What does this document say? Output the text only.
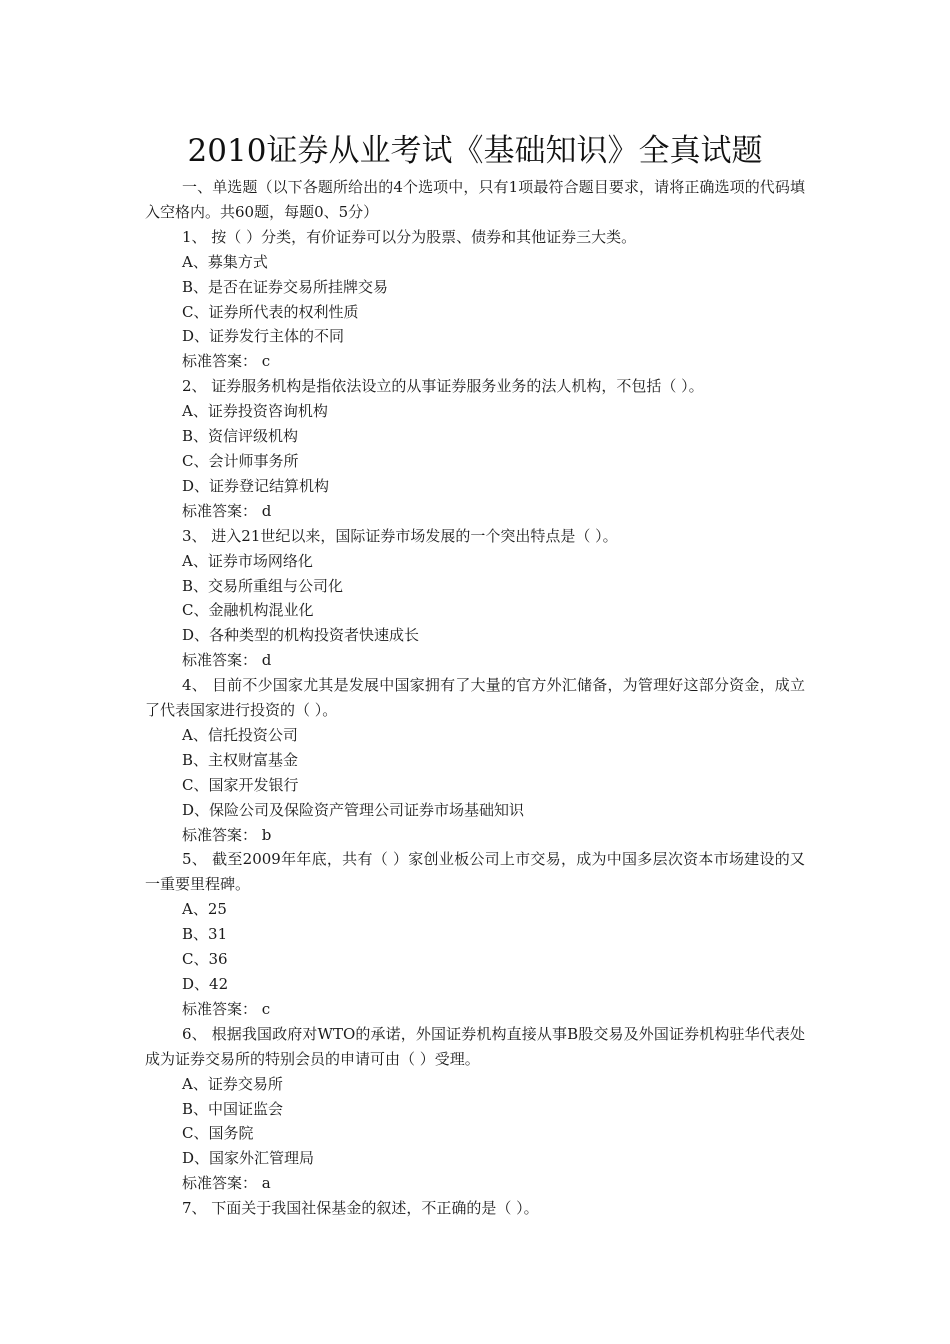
2010证券从业考试《基础知识》全真试题

一、单选题（以下各题所给出的4个选项中，只有1项最符合题目要求，请将正确选项的代码填入空格内。共60题，每题0、5分）

1、 按（ ）分类，有价证券可以分为股票、债券和其他证券三大类。

A、募集方式

B、是否在证券交易所挂牌交易

C、证券所代表的权利性质

D、证券发行主体的不同

标准答案： c

2、 证券服务机构是指依法设立的从事证券服务业务的法人机构，不包括（ ）。

A、证券投资咨询机构

B、资信评级机构

C、会计师事务所

D、证券登记结算机构

标准答案： d

3、 进入21世纪以来，国际证券市场发展的一个突出特点是（ ）。

A、证券市场网络化

B、交易所重组与公司化

C、金融机构混业化

D、各种类型的机构投资者快速成长

标准答案： d

4、 目前不少国家尤其是发展中国家拥有了大量的官方外汇储备，为管理好这部分资金，成立了代表国家进行投资的（ ）。

A、信托投资公司

B、主权财富基金

C、国家开发银行

D、保险公司及保险资产管理公司证券市场基础知识

标准答案： b

5、 截至2009年年底，共有（ ）家创业板公司上市交易，成为中国多层次资本市场建设的又一重要里程碑。

A、25

B、31

C、36

D、42

标准答案： c

6、 根据我国政府对WTO的承诺，外国证券机构直接从事B股交易及外国证券机构驻华代表处成为证券交易所的特别会员的申请可由（ ）受理。

A、证券交易所

B、中国证监会

C、国务院

D、国家外汇管理局

标准答案： a

7、 下面关于我国社保基金的叙述，不正确的是（ ）。
